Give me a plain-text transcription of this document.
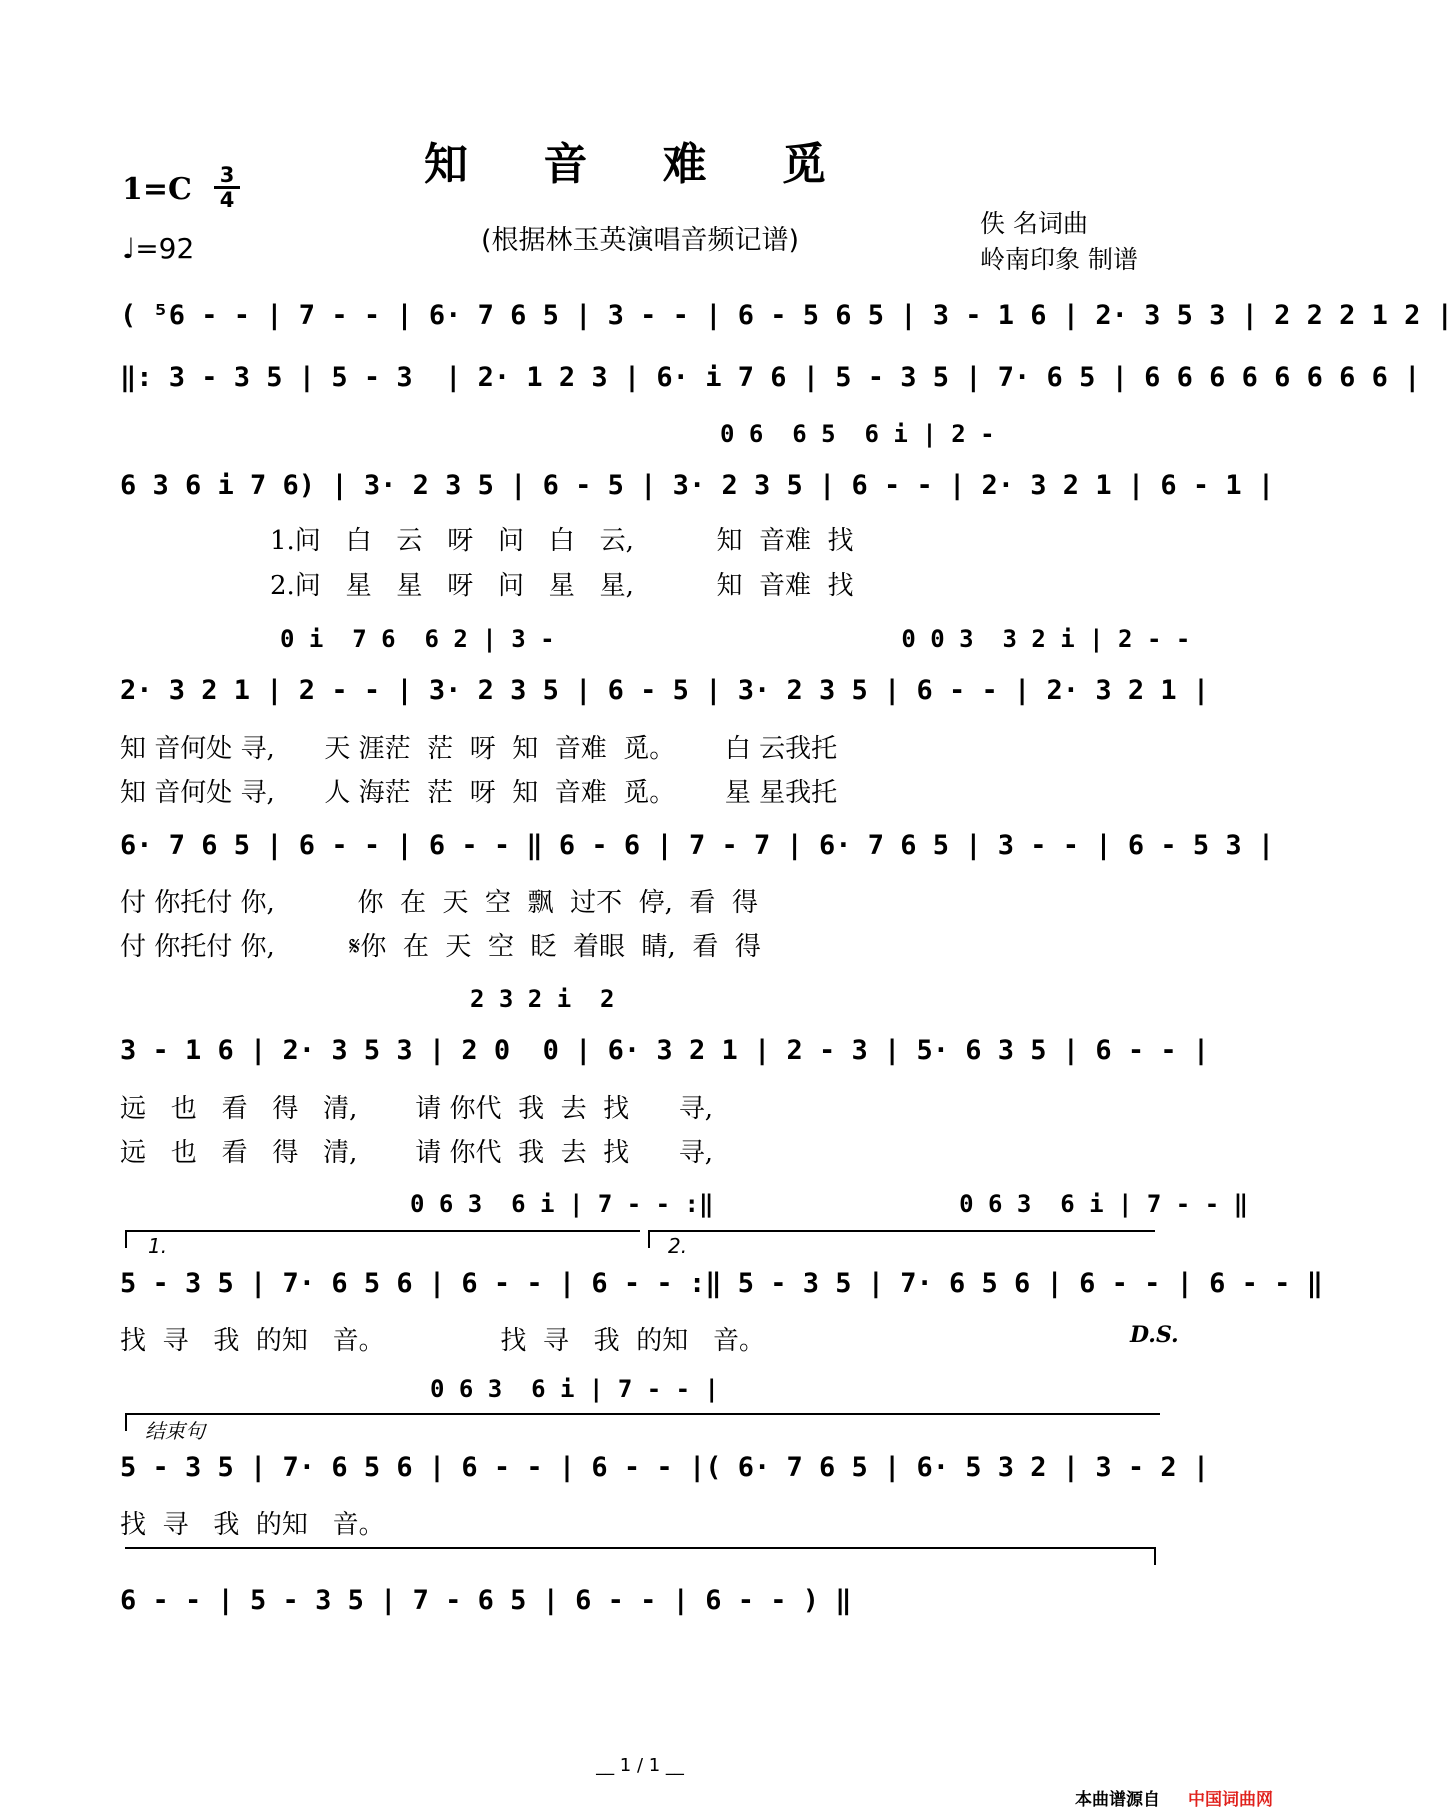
知 音 难 觅
$1=C \frac{3}{4}$
♩=92	(根据林玉英演唱音频记谱)
佚 名词曲
岭南印象 制谱
( ⁵6 - - | 7 - - | 6· 7 6 5 | 3 - - | 6 - 5 6 5 | 3 - 1 6 | 2· 3 5 3 | 2 2 2 1 2 |
‖: 3 - 3 5 | 5 - 3  | 2· 1 2 3 | 6· i 7 6 | 5 - 3 5 | 7· 6 5 | 6 6 6 6 6 6 6 6 |
0 6  6 5  6 i | 2 -
6 3 6 i 7 6) | 3· 2 3 5 | 6 - 5 | 3· 2 3 5 | 6 - - | 2· 3 2 1 | 6 - 1 |
1.问   白   云   呀   问   白   云,          知  音难  找
2.问   星   星   呀   问   星   星,          知  音难  找
0 i  7 6  6 2 | 3 -                        0 0 3  3 2 i | 2 - -
2· 3 2 1 | 2 - - | 3· 2 3 5 | 6 - 5 | 3· 2 3 5 | 6 - - | 2· 3 2 1 |
知 音何处 寻,      天 涯茫  茫  呀  知  音难  觅。      白 云我托
知 音何处 寻,      人 海茫  茫  呀  知  音难  觅。      星 星我托
6· 7 6 5 | 6 - - | 6 - - ‖ 6 - 6 | 7 - 7 | 6· 7 6 5 | 3 - - | 6 - 5 3 |
付 你托付 你,          你  在  天  空  飘  过不  停,  看  得
付 你托付 你,         𝄋你  在  天  空  眨  着眼  睛,  看  得
2 3 2 i  2
3 - 1 6 | 2· 3 5 3 | 2 0  0 | 6· 3 2 1 | 2 - 3 | 5· 6 3 5 | 6 - - |
远   也   看   得   清,       请 你代  我  去  找      寻,
远   也   看   得   清,       请 你代  我  去  找      寻,
0 6 3  6 i | 7 - - :‖                 0 6 3  6 i | 7 - - ‖
1.	2.
5 - 3 5 | 7· 6 5 6 | 6 - - | 6 - - :‖ 5 - 3 5 | 7· 6 5 6 | 6 - - | 6 - - ‖
找  寻   我  的知   音。              找  寻   我  的知   音。	D.S.
0 6 3  6 i | 7 - - |
结束句
5 - 3 5 | 7· 6 5 6 | 6 - - | 6 - - |( 6· 7 6 5 | 6· 5 3 2 | 3 - 2 |
找  寻   我  的知   音。
6 - - | 5 - 3 5 | 7 - 6 5 | 6 - - | 6 - - ) ‖
__ 1 / 1 __
本曲谱源自 中国词曲网
